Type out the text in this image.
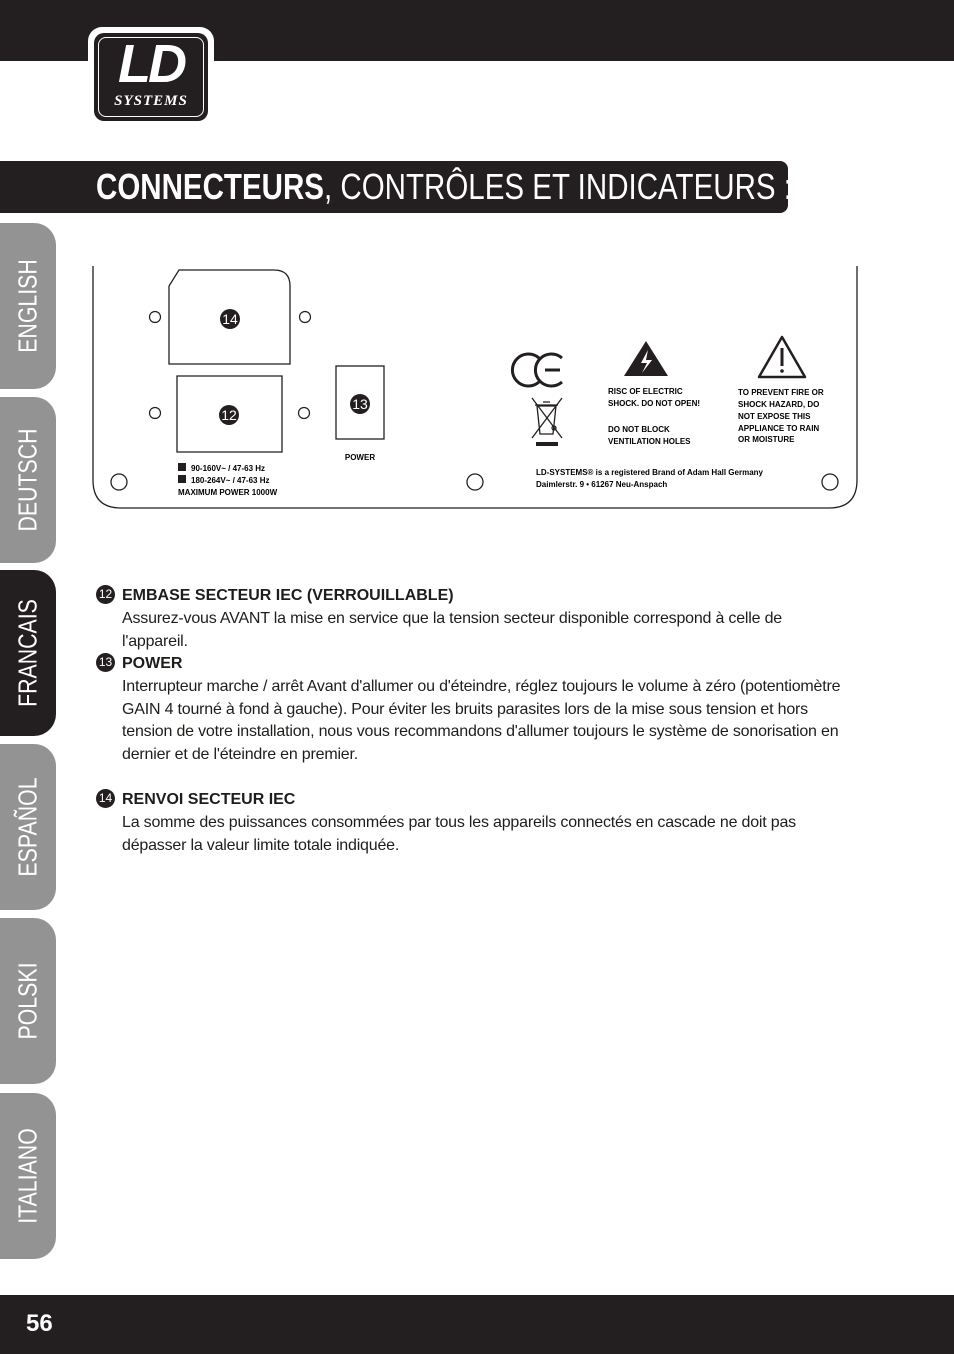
LD
SYSTEMS
CONNECTEURS, CONTRÔLES ET INDICATEURS :
ENGLISH
DEUTSCH
FRANCAIS
ESPAÑOL
POLSKI
ITALIANO
14
12
90-160V~ / 47-63 Hz
180-264V~ / 47-63 Hz
MAXIMUM POWER 1000W
13
POWER
RISC OF ELECTRIC
SHOCK. DO NOT OPEN!
DO NOT BLOCK
VENTILATION HOLES
TO PREVENT FIRE OR
SHOCK HAZARD, DO
NOT EXPOSE THIS
APPLIANCE TO RAIN
OR MOISTURE
LD-SYSTEMS® is a registered Brand of Adam Hall Germany
Daimlerstr. 9 • 61267 Neu-Anspach
12 EMBASE SECTEUR IEC (VERROUILLABLE)
Assurez-vous AVANT la mise en service que la tension secteur disponible correspond à celle de l'appareil.
13 POWER
Interrupteur marche / arrêt Avant d'allumer ou d'éteindre, réglez toujours le volume à zéro (potentiomètre GAIN 4 tourné à fond à gauche). Pour éviter les bruits parasites lors de la mise sous tension et hors tension de votre installation, nous vous recommandons d'allumer toujours le système de sonorisation en dernier et de l'éteindre en premier.
14 RENVOI SECTEUR IEC
La somme des puissances consommées par tous les appareils connectés en cascade ne doit pas dépasser la valeur limite totale indiquée.
56
